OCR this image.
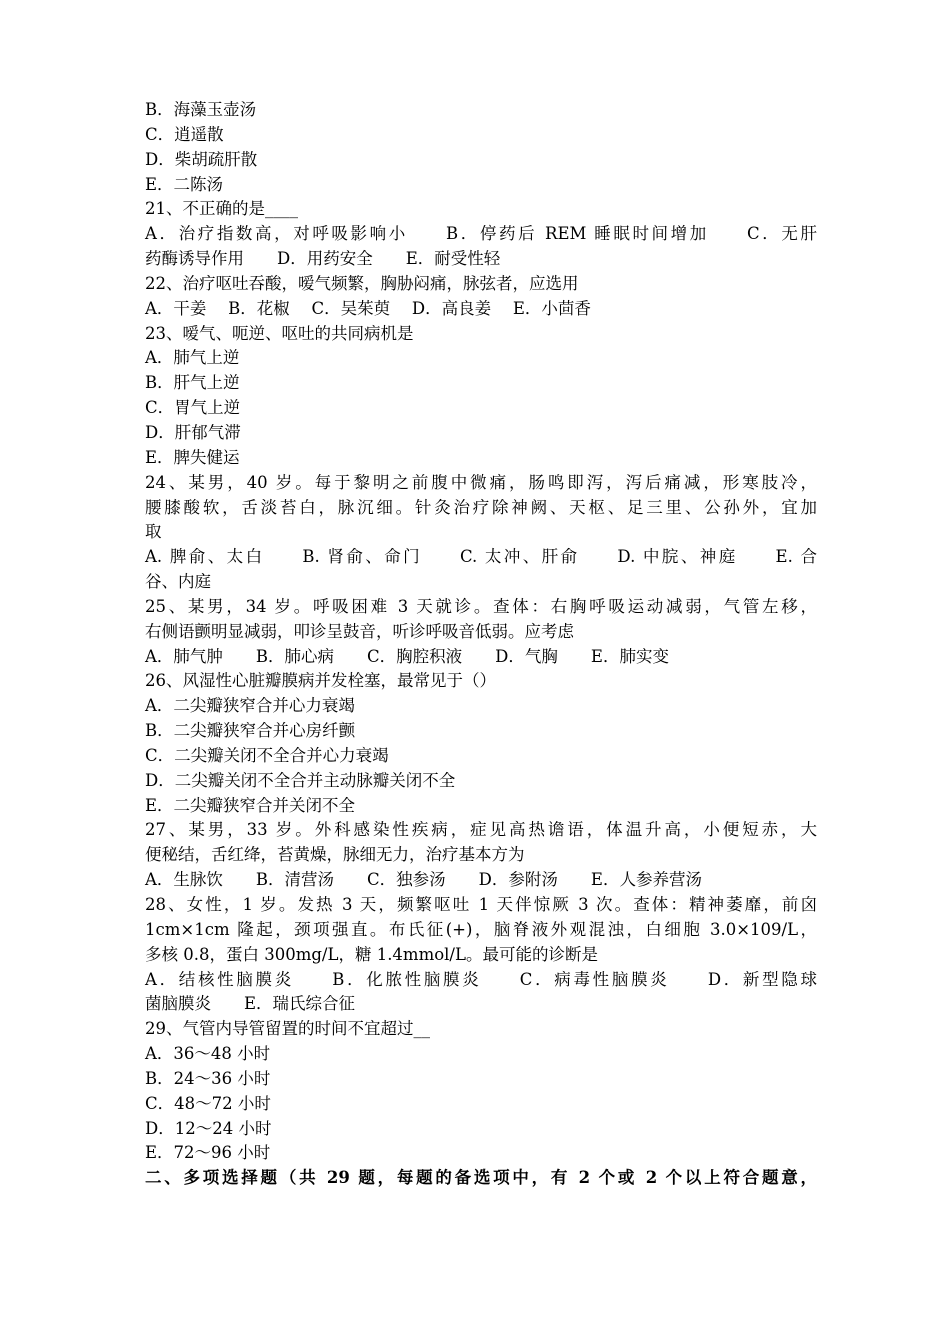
B．海藻玉壶汤
C．逍遥散
D．柴胡疏肝散
E．二陈汤
21、不正确的是____
A．治疗指数高，对呼吸影响小　　B．停药后 REM 睡眠时间增加　　C．无肝
药酶诱导作用　　D．用药安全　　E．耐受性轻
22、治疗呕吐吞酸，嗳气频繁，胸胁闷痛，脉弦者，应选用
A．干姜　 B．花椒　 C．吴茱萸　 D．高良姜　 E．小茴香
23、嗳气、呃逆、呕吐的共同病机是
A．肺气上逆
B．肝气上逆
C．胃气上逆
D．肝郁气滞
E．脾失健运
24、某男，40 岁。每于黎明之前腹中微痛，肠鸣即泻，泻后痛减，形寒肢冷，
腰膝酸软，舌淡苔白，脉沉细。针灸治疗除神阙、天枢、足三里、公孙外，宜加
取
A. 脾俞、太白　　B. 肾俞、命门　　C. 太冲、肝俞　　D. 中脘、神庭　　E. 合
谷、内庭
25、某男，34 岁。呼吸困难 3 天就诊。查体：右胸呼吸运动减弱，气管左移，
右侧语颤明显减弱，叩诊呈鼓音，听诊呼吸音低弱。应考虑
A．肺气肿　　B．肺心病　　C．胸腔积液　　D．气胸　　E．肺实变
26、风湿性心脏瓣膜病并发栓塞，最常见于（）
A．二尖瓣狭窄合并心力衰竭
B．二尖瓣狭窄合并心房纤颤
C．二尖瓣关闭不全合并心力衰竭
D．二尖瓣关闭不全合并主动脉瓣关闭不全
E．二尖瓣狭窄合并关闭不全
27、某男，33 岁。外科感染性疾病，症见高热谵语，体温升高，小便短赤，大
便秘结，舌红绛，苔黄燥，脉细无力，治疗基本方为
A．生脉饮　　B．清营汤　　C．独参汤　　D．参附汤　　E．人参养营汤
28、女性，1 岁。发热 3 天，频繁呕吐 1 天伴惊厥 3 次。查体：精神萎靡，前囟
1cm×1cm 隆起，颈项强直。布氏征(+)，脑脊液外观混浊，白细胞 3.0×109/L，
多核 0.8，蛋白 300mg/L，糖 1.4mmol/L。最可能的诊断是
A．结核性脑膜炎　　B．化脓性脑膜炎　　C．病毒性脑膜炎　　D．新型隐球
菌脑膜炎　　E．瑞氏综合征
29、气管内导管留置的时间不宜超过__
A．36～48 小时
B．24～36 小时
C．48～72 小时
D．12～24 小时
E．72～96 小时
二、多项选择题（共 29 题，每题的备选项中，有 2 个或 2 个以上符合题意，
